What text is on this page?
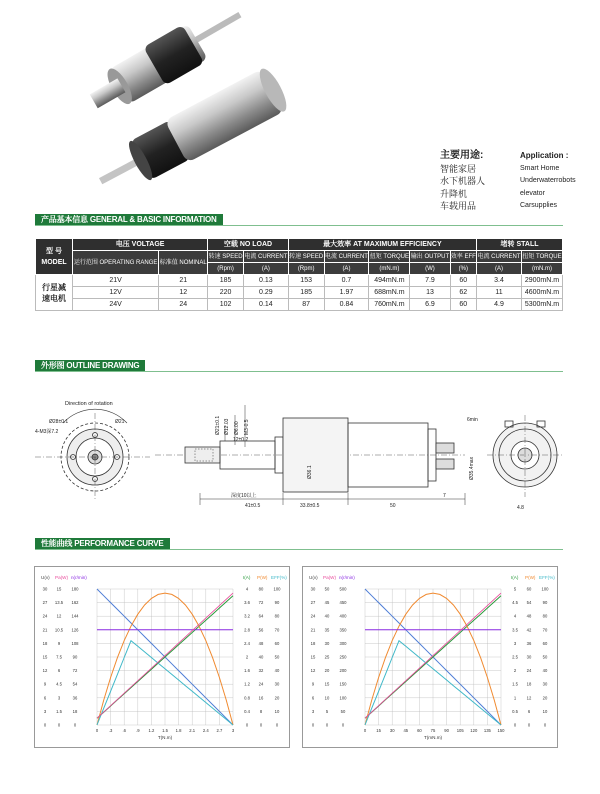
主要用途:
智能家居
水下机器人
升降机
车载用品
Application :
Smart Home
Underwaterrobots
elevator
Carsupplies
产品基本信息 GENERAL & BASIC INFORMATION
型 号
MODEL	电压 VOLTAGE		空载 NO LOAD		最大效率 AT MAXIMUM EFFICIENCY					堵转 STALL	
	运行范围 OPERATING RANGE	标准值 NOMINAL	转速 SPEED	电流 CURRENT	转速 SPEED	电流 CURRENT	扭矩 TORQUE	输出 OUTPUT	效率 EFF	电流 CURRENT	扭矩 TORQUE
			(Rpm)	(A)	(Rpm)	(A)	(mN.m)	(W)	(%)	(A)	(mN.m)

行星减
速电机	21V	21	185	0.13	153	0.7	494mN.m	7.9	60	3.4	2900mN.m
	12V	12	220	0.29	185	1.97	688mN.m	13	62	11	4600mN.m
	24V	24	102	0.14	87	0.84	760mN.m	6.9	60	4.9	5300mN.m
外形图 OUTLINE DRAWING
Direction of rotation
Ø28±0.1	Ø21
4-M3深7.2
41±0.5	33.8±0.5	50
12±0.2
深度10以上
6min
7
Ø35.4max
Ø36.1
Ø21±0.1 Ø12.03 Ø6.00 M3-0.5
4.8
性能曲线 PERFORMANCE CURVE
U(v) Pa(W) n(r/min)	I(A) P(W) EFF(%)
30
27
24
21
18
15
12
9
6
3
0
15
13.5
12
10.5
9
7.5
6
4.5
3
1.5
0
180
162
144
126
108
90
72
54
36
18
0
4
3.6
3.2
2.8
2.4
2
1.6
1.2
0.8
0.4
0
80
72
64
56
48
40
32
24
16
8
0
100
90
80
70
60
50
40
30
20
10
0
0	.3 .6 .9 1.2 1.5 1.8 2.1 2.4 2.7 3
T(N.m)
U(v) Pa(W) n(r/min)	I(A) P(W) EFF(%)
30
27
24
21
18
15
12
9
6
3
0
50
45
40
35
30
25
20
15
10
5
0
500
450
400
350
300
250
200
150
100
50
0
5
4.5
4
3.5
3
2.5
2
1.5
1
0.5
0
60
54
48
42
36
30
24
18
12
6
0
100
90
80
70
60
50
40
30
20
10
0
0 15 30 45 60 75 90 105 120 135 150
T(mN.m)
